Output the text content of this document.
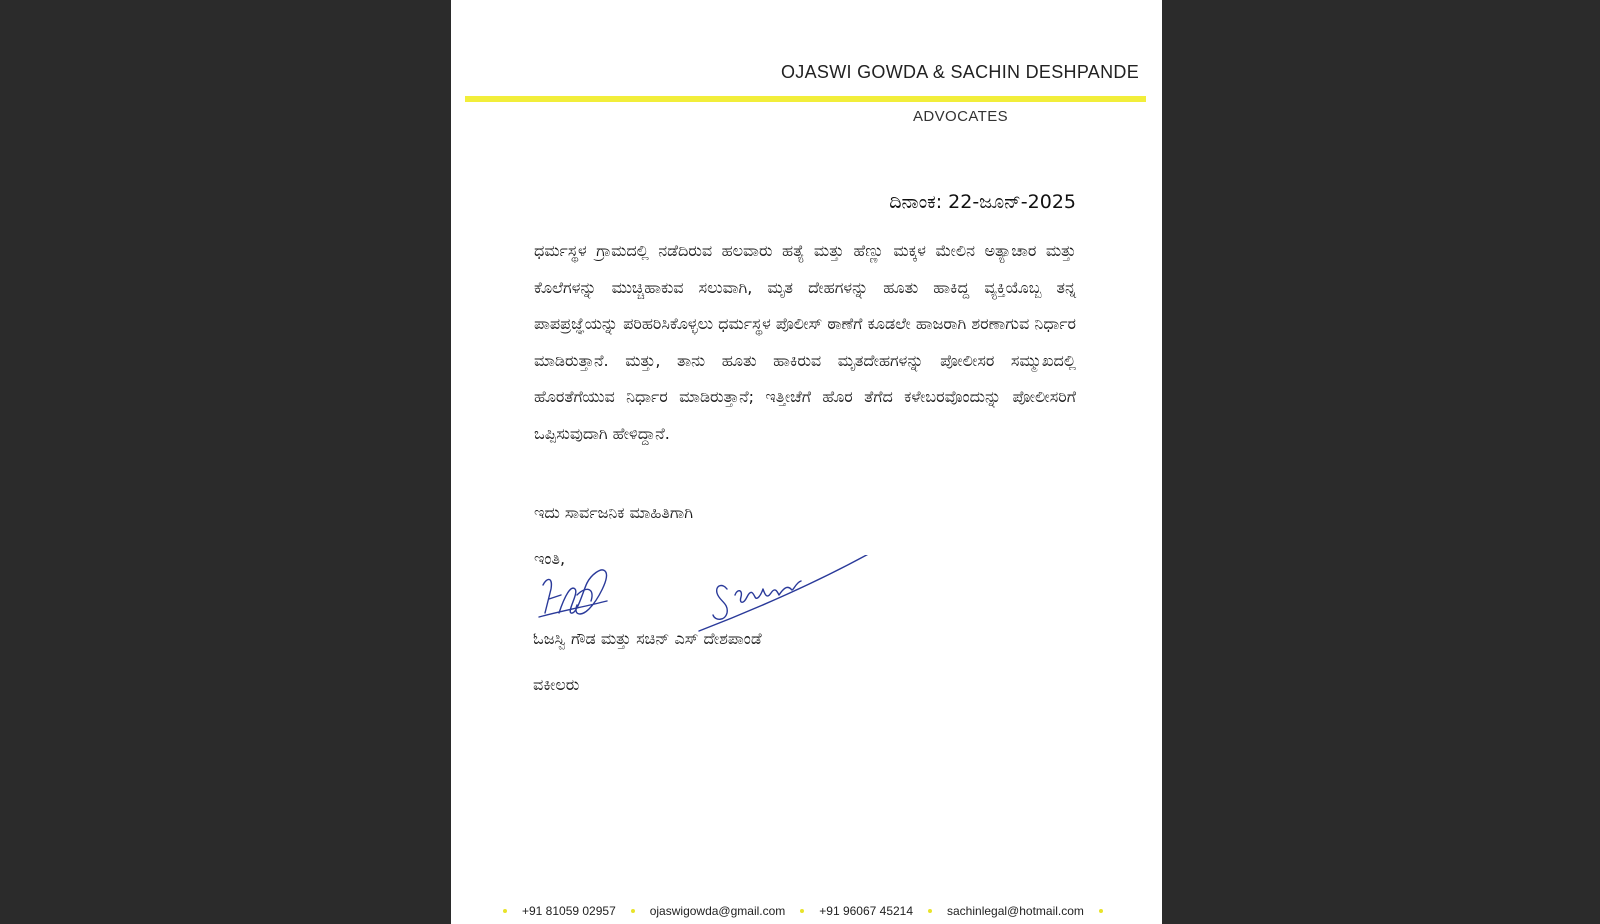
OJASWI GOWDA & SACHIN DESHPANDE
ADVOCATES
ದಿನಾಂಕ: 22-ಜೂನ್-2025

ಧರ್ಮಸ್ಥಳ ಗ್ರಾಮದಲ್ಲಿ ನಡೆದಿರುವ ಹಲವಾರು ಹತ್ಯೆ ಮತ್ತು ಹೆಣ್ಣು ಮಕ್ಕಳ ಮೇಲಿನ ಅತ್ಯಾಚಾರ ಮತ್ತು ಕೊಲೆಗಳನ್ನು ಮುಚ್ಚಿಹಾಕುವ ಸಲುವಾಗಿ, ಮೃತ ದೇಹಗಳನ್ನು ಹೂತು ಹಾಕಿದ್ದ ವ್ಯಕ್ತಿಯೊಬ್ಬ ತನ್ನ ಪಾಪಪ್ರಜ್ಞೆಯನ್ನು ಪರಿಹರಿಸಿಕೊಳ್ಳಲು ಧರ್ಮಸ್ಥಳ ಪೊಲೀಸ್ ಠಾಣೆಗೆ ಕೂಡಲೇ ಹಾಜರಾಗಿ ಶರಣಾಗುವ ನಿರ್ಧಾರ ಮಾಡಿರುತ್ತಾನೆ. ಮತ್ತು, ತಾನು ಹೂತು ಹಾಕಿರುವ ಮೃತದೇಹಗಳನ್ನು ಪೋಲೀಸರ ಸಮ್ಮುಖದಲ್ಲಿ ಹೊರತೆಗೆಯುವ ನಿರ್ಧಾರ ಮಾಡಿರುತ್ತಾನೆ; ಇತ್ತೀಚೆಗೆ ಹೊರ ತೆಗೆದ ಕಳೇಬರವೊಂದುನ್ನು ಪೋಲೀಸರಿಗೆ ಒಪ್ಪಿಸುವುದಾಗಿ ಹೇಳಿದ್ದಾನೆ.

ಇದು ಸಾರ್ವಜನಿಕ ಮಾಹಿತಿಗಾಗಿ
ಇಂತಿ,
ಓಜಸ್ವಿ ಗೌಡ ಮತ್ತು ಸಚಿನ್ ಎಸ್ ದೇಶಪಾಂಡೆ
ವಕೀಲರು
+91 81059 02957	ojaswigowda@gmail.com	+91 96067 45214	sachinlegal@hotmail.com
